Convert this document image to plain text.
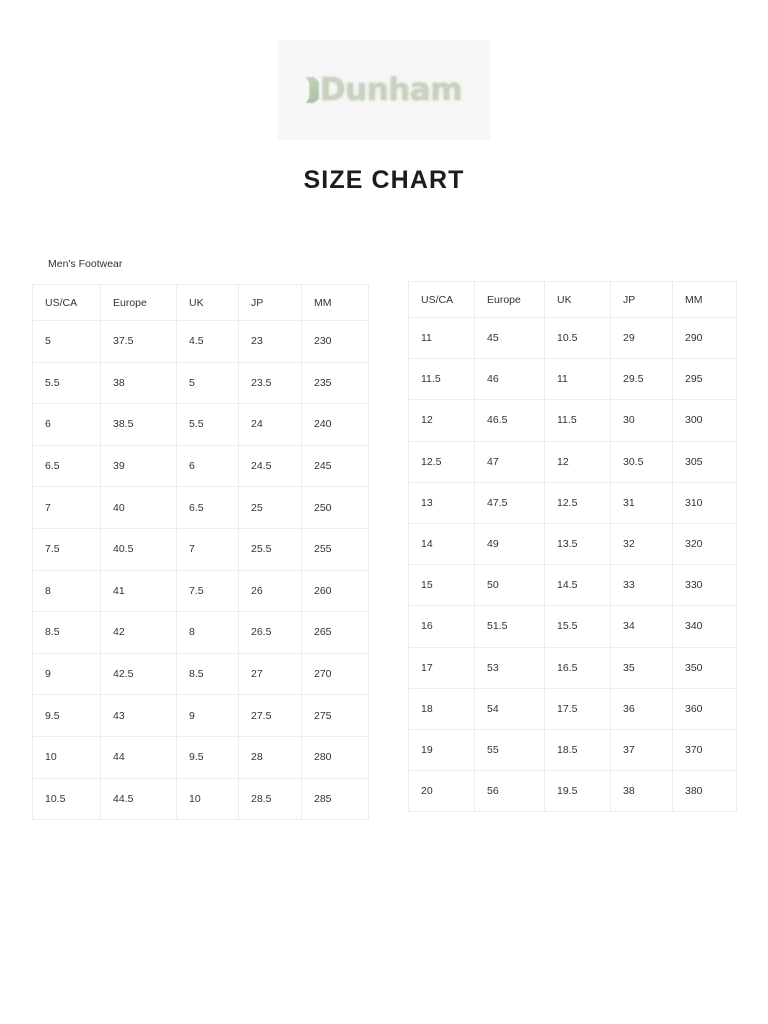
Dunham
SIZE CHART
Men's Footwear
US/CA	Europe	UK	JP	MM
5	37.5	4.5	23	230
5.5	38	5	23.5	235
6	38.5	5.5	24	240
6.5	39	6	24.5	245
7	40	6.5	25	250
7.5	40.5	7	25.5	255
8	41	7.5	26	260
8.5	42	8	26.5	265
9	42.5	8.5	27	270
9.5	43	9	27.5	275
10	44	9.5	28	280
10.5	44.5	10	28.5	285
US/CA	Europe	UK	JP	MM
11	45	10.5	29	290
11.5	46	11	29.5	295
12	46.5	11.5	30	300
12.5	47	12	30.5	305
13	47.5	12.5	31	310
14	49	13.5	32	320
15	50	14.5	33	330
16	51.5	15.5	34	340
17	53	16.5	35	350
18	54	17.5	36	360
19	55	18.5	37	370
20	56	19.5	38	380
